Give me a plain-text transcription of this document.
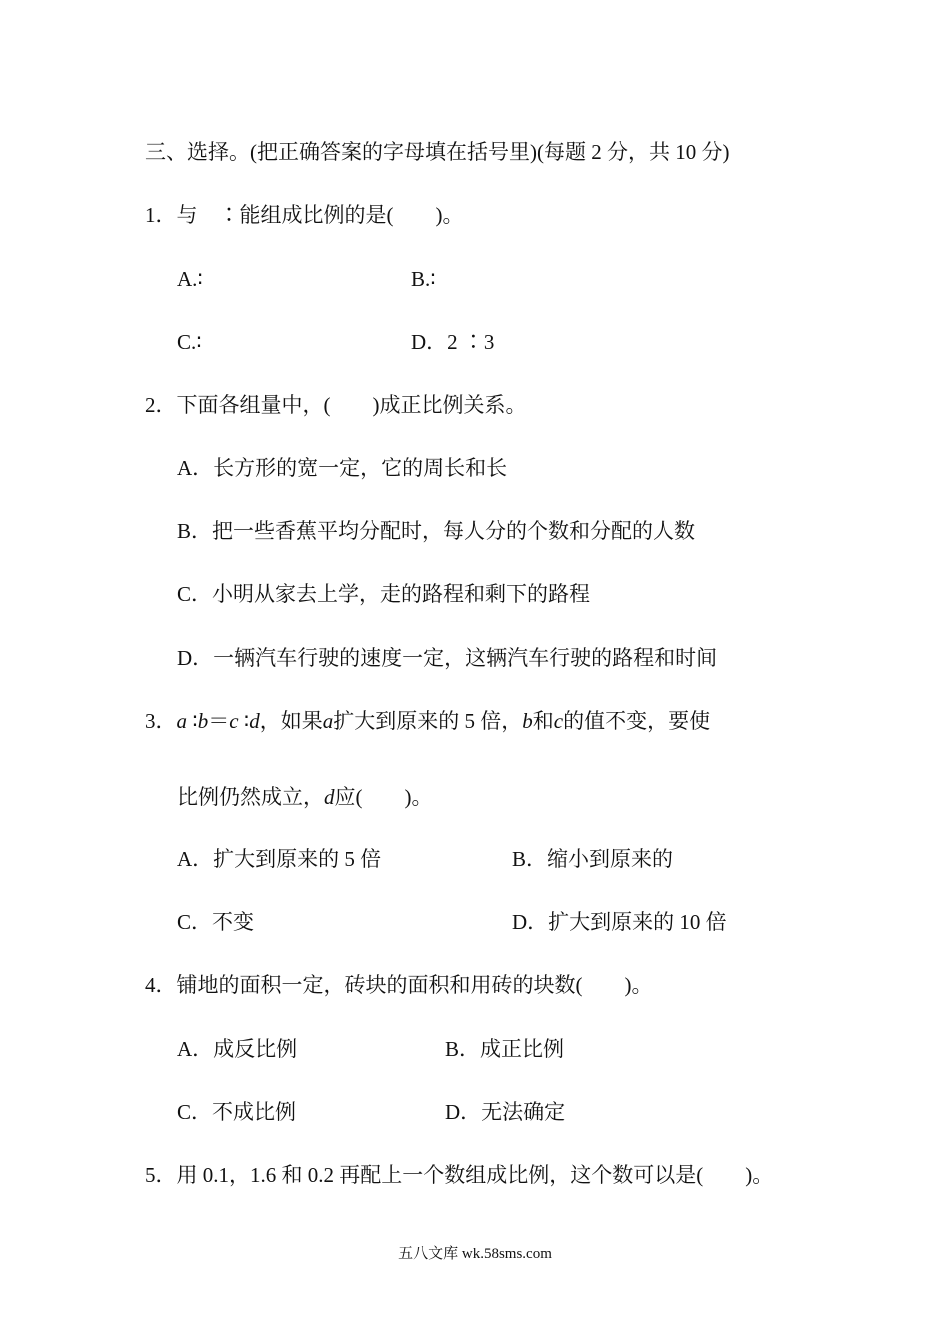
三、选择。(把正确答案的字母填在括号里)(每题 2 分，共 10 分)
1．与　∶能组成比例的是(　　)。
A.∶	B.∶
C.∶	D．2 ∶3
2．下面各组量中，(　　)成正比例关系。
A．长方形的宽一定，它的周长和长
B．把一些香蕉平均分配时，每人分的个数和分配的人数
C．小明从家去上学，走的路程和剩下的路程
D．一辆汽车行驶的速度一定，这辆汽车行驶的路程和时间
3．a ∶b＝c ∶d，如果a扩大到原来的 5 倍，b和c的值不变，要使
比例仍然成立，d应(　　)。
A．扩大到原来的 5 倍	B．缩小到原来的
C．不变	D．扩大到原来的 10 倍
4．铺地的面积一定，砖块的面积和用砖的块数(　　)。
A．成反比例	B．成正比例
C．不成比例	D．无法确定
5．用 0.1，1.6 和 0.2 再配上一个数组成比例，这个数可以是(　　)。
五八文库 wk.58sms.com
